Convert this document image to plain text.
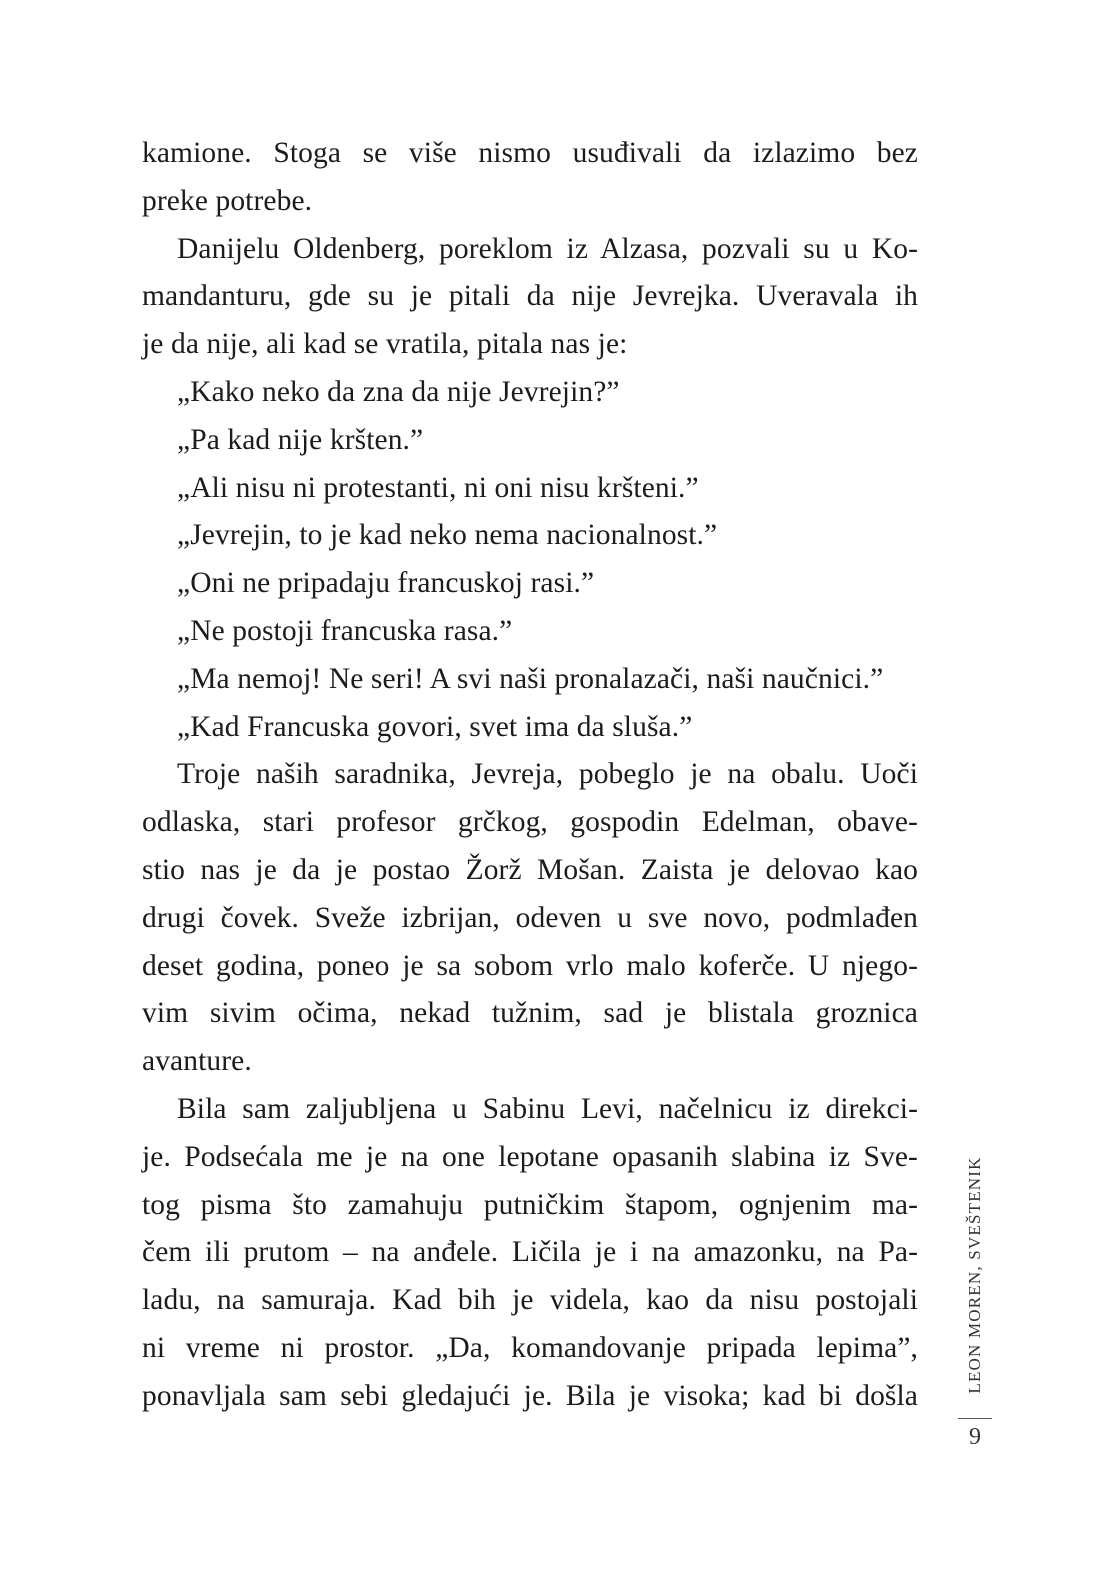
kamione. Stoga se više nismo usuđivali da izlazimo bez
preke potrebe.
Danijelu Oldenberg, poreklom iz Alzasa, pozvali su u Ko-
mandanturu, gde su je pitali da nije Jevrejka. Uveravala ih
je da nije, ali kad se vratila, pitala nas je:
„Kako neko da zna da nije Jevrejin?”
„Pa kad nije kršten.”
„Ali nisu ni protestanti, ni oni nisu kršteni.”
„Jevrejin, to je kad neko nema nacionalnost.”
„Oni ne pripadaju francuskoj rasi.”
„Ne postoji francuska rasa.”
„Ma nemoj! Ne seri! A svi naši pronalazači, naši naučnici.”
„Kad Francuska govori, svet ima da sluša.”
Troje naših saradnika, Jevreja, pobeglo je na obalu. Uoči
odlaska, stari profesor grčkog, gospodin Edelman, obave-
stio nas je da je postao Žorž Mošan. Zaista je delovao kao
drugi čovek. Sveže izbrijan, odeven u sve novo, podmlađen
deset godina, poneo je sa sobom vrlo malo koferče. U njego-
vim sivim očima, nekad tužnim, sad je blistala groznica
avanture.
Bila sam zaljubljena u Sabinu Levi, načelnicu iz direkci-
je. Podsećala me je na one lepotane opasanih slabina iz Sve-
tog pisma što zamahuju putničkim štapom, ognjenim ma-
čem ili prutom – na anđele. Ličila je i na amazonku, na Pa-
ladu, na samuraja. Kad bih je videla, kao da nisu postojali
ni vreme ni prostor. „Da, komandovanje pripada lepima”,
ponavljala sam sebi gledajući je. Bila je visoka; kad bi došla
LEON MOREN, SVEŠTENIK
9
